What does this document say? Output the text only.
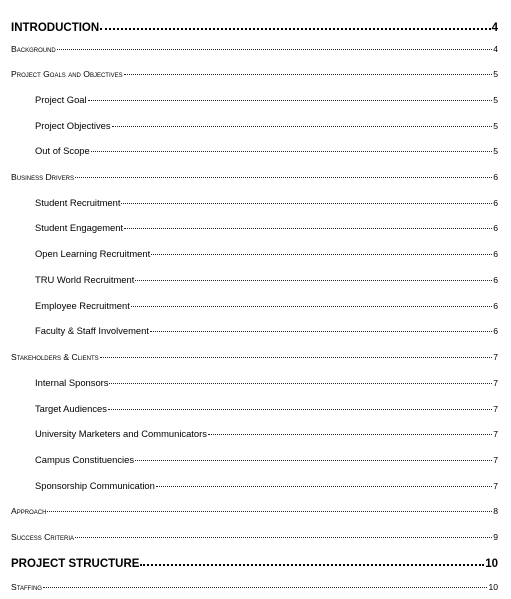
INTRODUCTION	4
Background	4
Project Goals and Objectives	5
Project Goal	5
Project Objectives	5
Out of Scope	5
Business Drivers	6
Student Recruitment	6
Student Engagement	6
Open Learning Recruitment	6
TRU World Recruitment	6
Employee Recruitment	6
Faculty & Staff Involvement	6
Stakeholders & Clients	7
Internal Sponsors	7
Target Audiences	7
University Marketers and Communicators	7
Campus Constituencies	7
Sponsorship Communication	7
Approach	8
Success Criteria	9
PROJECT STRUCTURE	10
Staffing	10
